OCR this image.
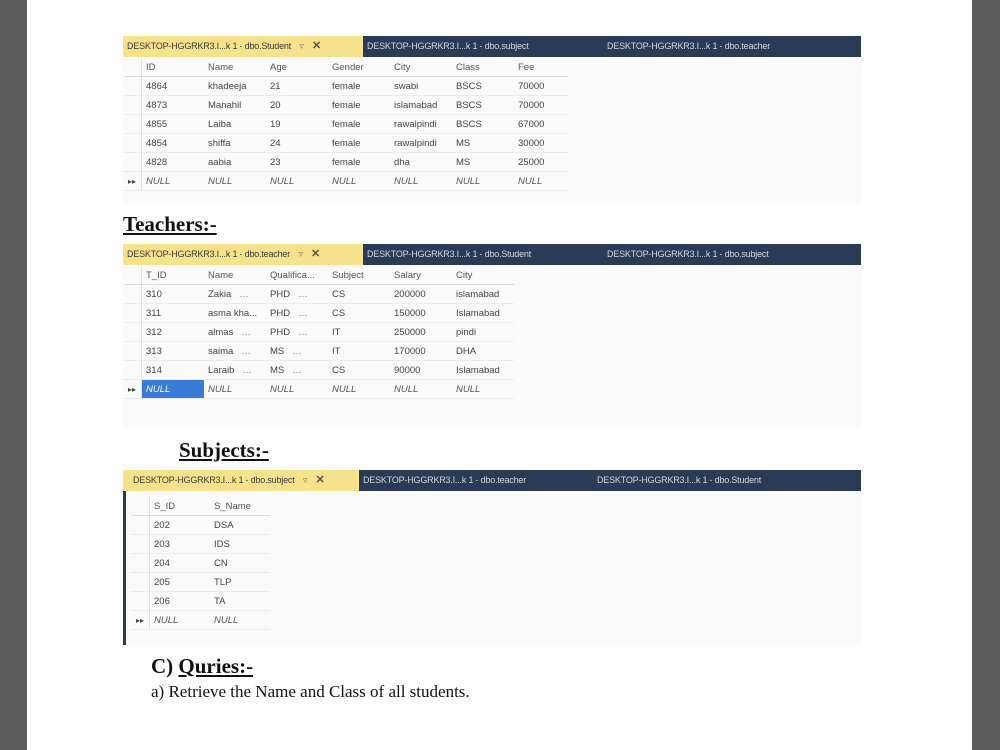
DESKTOP-HGGRKR3.I...k 1 - dbo.Student ▿ ✕	DESKTOP-HGGRKR3.I...k 1 - dbo.subject	DESKTOP-HGGRKR3.I...k 1 - dbo.teacher
	ID	Name	Age	Gender	City	Class	Fee
	4864	khadeeja	21	female	swabi	BSCS	70000
	4873	Manahil	20	female	islamabad	BSCS	70000
	4855	Laiba	19	female	rawalpindi	BSCS	67000
	4854	shiffa	24	female	rawalpindi	MS	30000
	4828	aabia	23	female	dha	MS	25000
▸▸	NULL	NULL	NULL	NULL	NULL	NULL	NULL
Teachers:-
DESKTOP-HGGRKR3.I...k 1 - dbo.teacher ▿ ✕	DESKTOP-HGGRKR3.I...k 1 - dbo.Student	DESKTOP-HGGRKR3.I...k 1 - dbo.subject
	T_ID	Name	Qualifica...	Subject	Salary	City
	310	Zakia …	PHD …	CS	200000	islamabad
	311	asma kha...	PHD …	CS	150000	Islamabad
	312	almas …	PHD …	IT	250000	pindi
	313	saima …	MS …	IT	170000	DHA
	314	Laraib …	MS …	CS	90000	Islamabad
▸▸	NULL	NULL	NULL	NULL	NULL	NULL
Subjects:-
DESKTOP-HGGRKR3.I...k 1 - dbo.subject ▿ ✕	DESKTOP-HGGRKR3.I...k 1 - dbo.teacher	DESKTOP-HGGRKR3.I...k 1 - dbo.Student
	S_ID	S_Name
	202	DSA
	203	IDS
	204	CN
	205	TLP
	206	TA
▸▸	NULL	NULL
C) Quries:-
a) Retrieve the Name and Class of all students.
